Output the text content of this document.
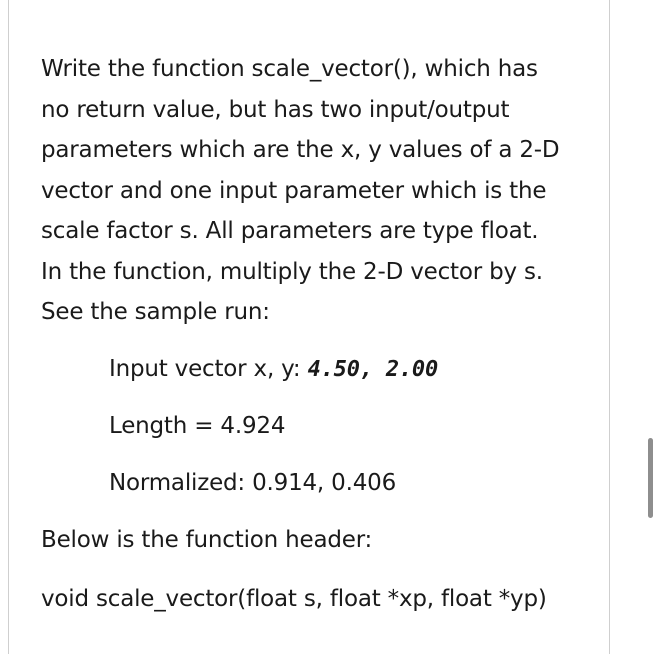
Write the function scale_vector(), which has
no return value, but has two input/output
parameters which are the x, y values of a 2-D
vector and one input parameter which is the
scale factor s. All parameters are type float.
In the function, multiply the 2-D vector by s.
See the sample run:

Input vector x, y: 4.50, 2.00

Length = 4.924

Normalized: 0.914, 0.406

Below is the function header:

void scale_vector(float s, float *xp, float *yp)
